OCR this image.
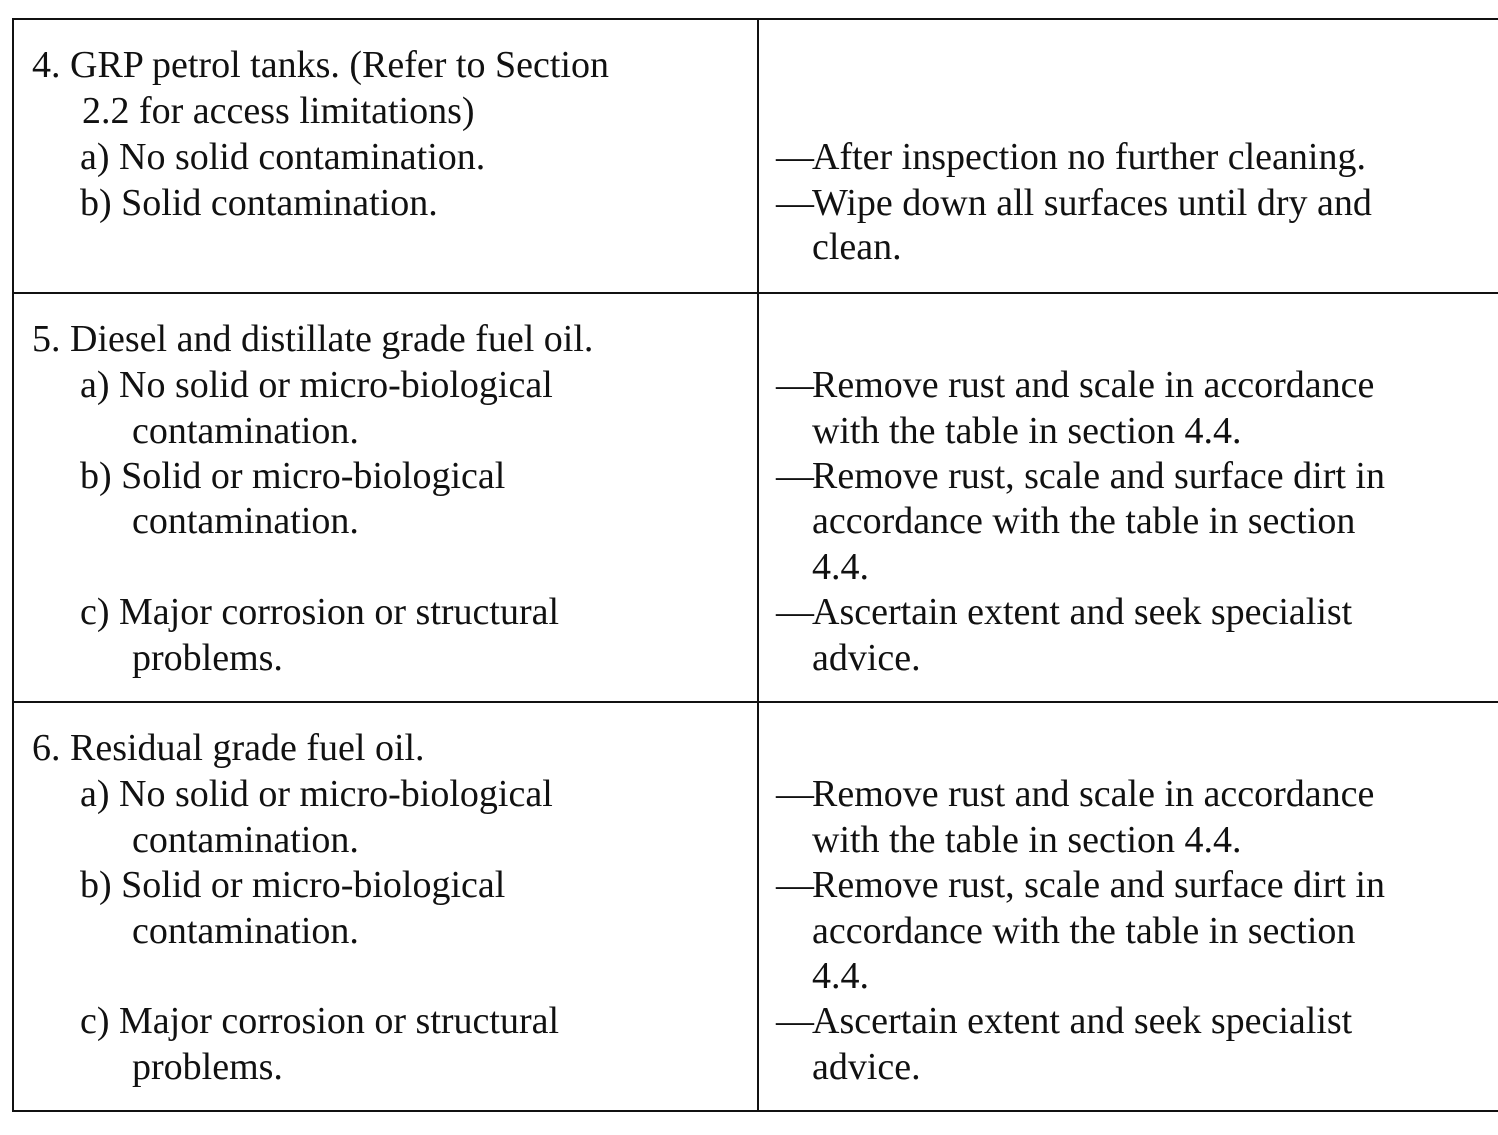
4. GRP petrol tanks. (Refer to Section
2.2 for access limitations)
a) No solid contamination.
b) Solid contamination.
—After inspection no further cleaning.
—Wipe down all surfaces until dry and
clean.
5. Diesel and distillate grade fuel oil.
a) No solid or micro-biological
contamination.
b) Solid or micro-biological
contamination.
c) Major corrosion or structural
problems.
—Remove rust and scale in accordance
with the table in section 4.4.
—Remove rust, scale and surface dirt in
accordance with the table in section
4.4.
—Ascertain extent and seek specialist
advice.
6. Residual grade fuel oil.
a) No solid or micro-biological
contamination.
b) Solid or micro-biological
contamination.
c) Major corrosion or structural
problems.
—Remove rust and scale in accordance
with the table in section 4.4.
—Remove rust, scale and surface dirt in
accordance with the table in section
4.4.
—Ascertain extent and seek specialist
advice.
